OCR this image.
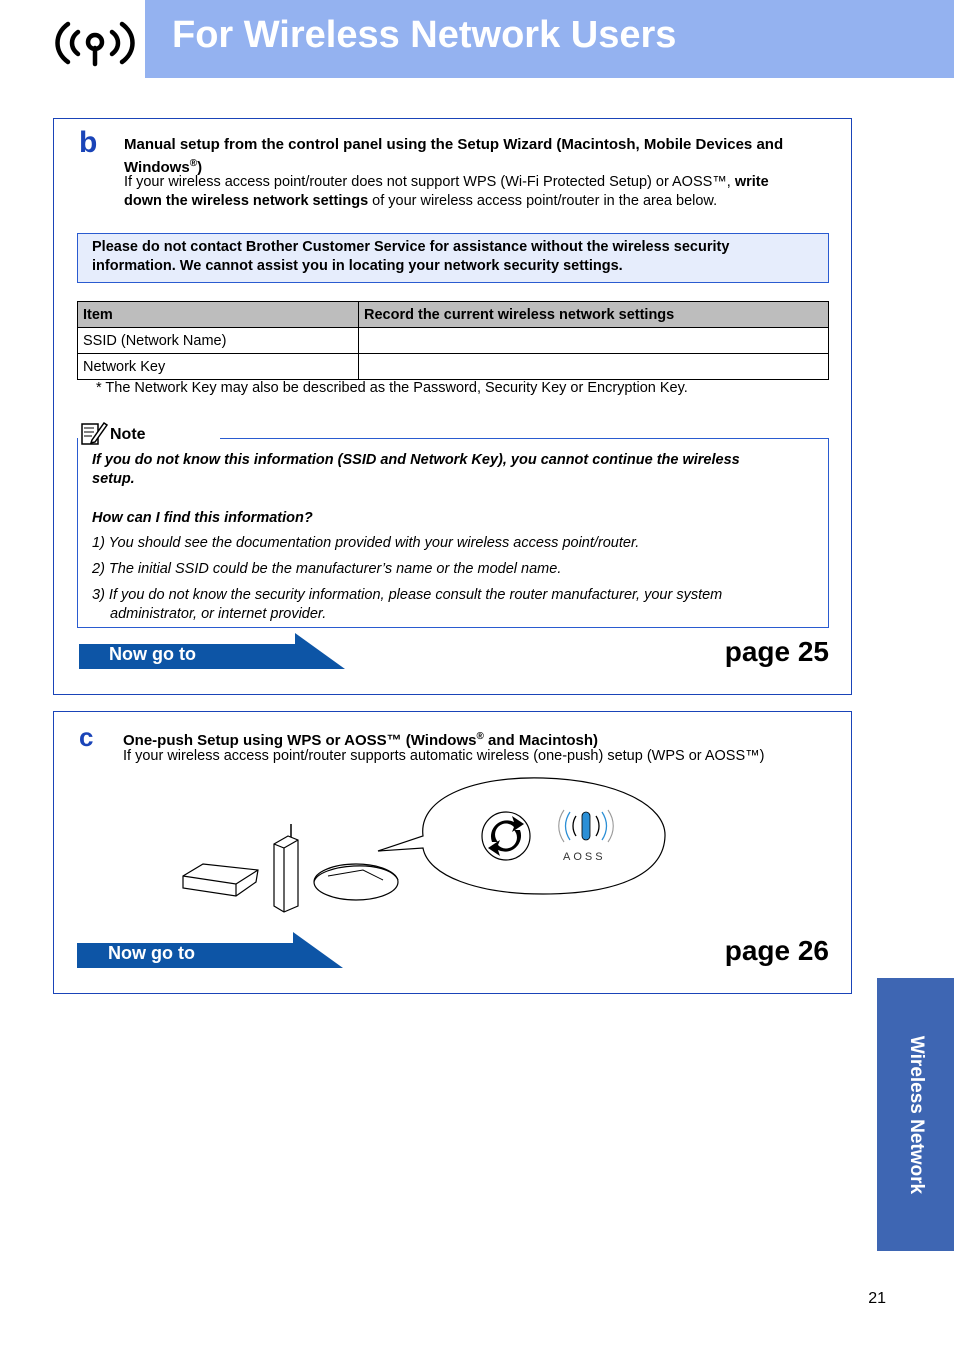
For Wireless Network Users
b Manual setup from the control panel using the Setup Wizard (Macintosh, Mobile Devices and
Windows®)
If your wireless access point/router does not support WPS (Wi-Fi Protected Setup) or AOSS™, write
down the wireless network settings of your wireless access point/router in the area below.
Please do not contact Brother Customer Service for assistance without the wireless security
information. We cannot assist you in locating your network security settings.
Item	Record the current wireless network settings
SSID (Network Name)	
Network Key	
* The Network Key may also be described as the Password, Security Key or Encryption Key.
Note
If you do not know this information (SSID and Network Key), you cannot continue the wireless
setup.
How can I find this information?
1) You should see the documentation provided with your wireless access point/router.
2) The initial SSID could be the manufacturer’s name or the model name.
3) If you do not know the security information, please consult the router manufacturer, your system
administrator, or internet provider.
Now go to	page 25
c One-push Setup using WPS or AOSS™ (Windows® and Macintosh)
If your wireless access point/router supports automatic wireless (one-push) setup (WPS or AOSS™)
AOSS
Now go to	page 26
Wireless Network
21
